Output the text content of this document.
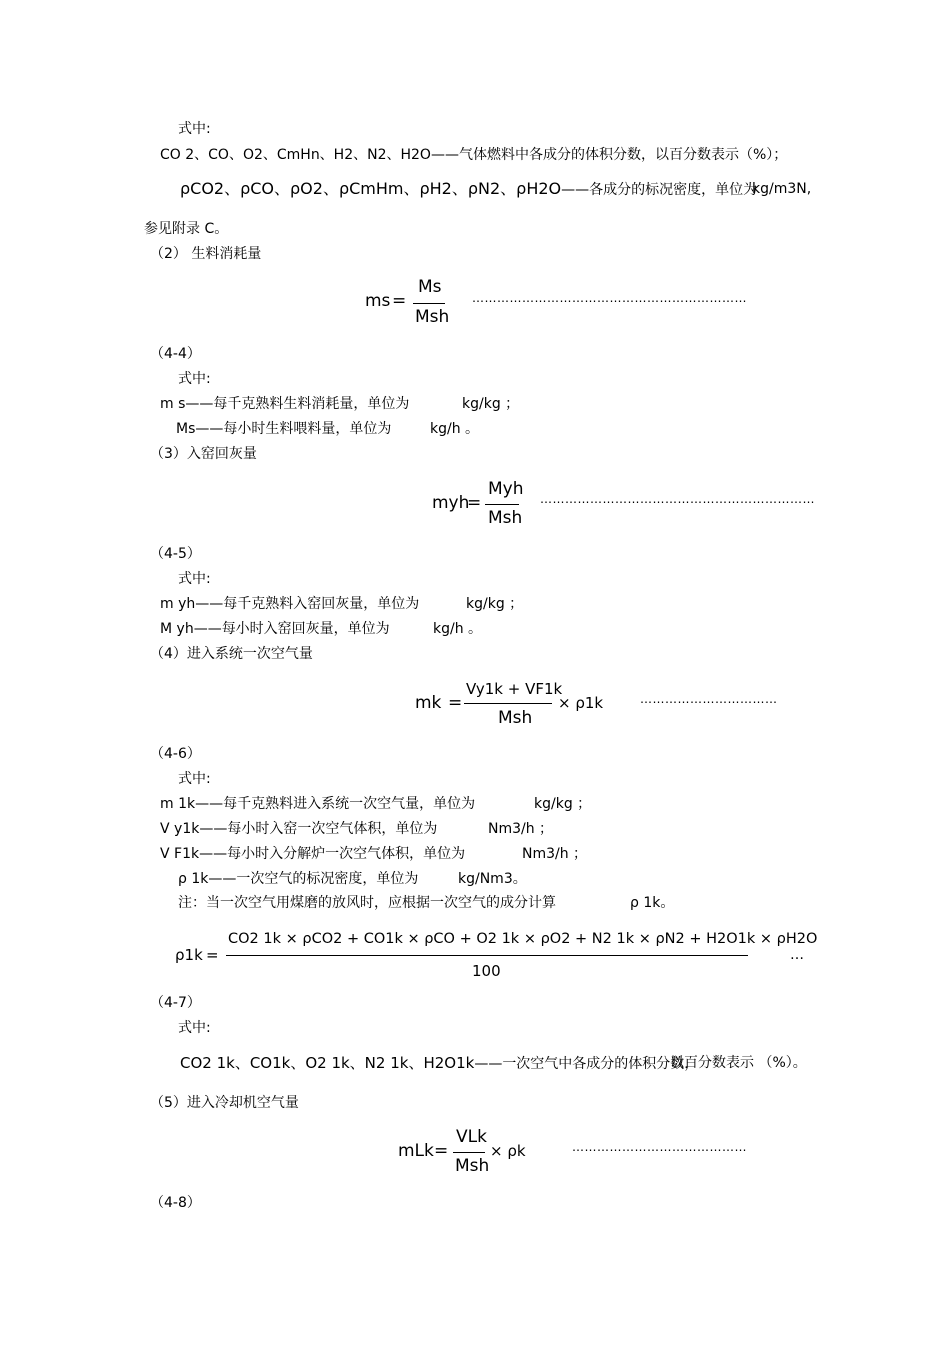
式中:
CO 2、CO、O2、CmHn、H2、N2、H2O——气体燃料中各成分的体积分数，以百分数表示（%）；
ρCO2、ρCO、ρO2、ρCmHm、ρH2、ρN2、ρH2O——各成分的标况密度，单位为
kg/m3N,
参见附录 C。
（2） 生料消耗量
ms =
Ms
Msh
…………………………………………………………
（4-4）
式中:
m s——每千克熟料生料消耗量，单位为	kg/kg ；
Ms——每小时生料喂料量，单位为	kg/h 。
（3）入窑回灰量
myh
=
Myh
Msh
…………………………………………………………
（4-5）
式中:
m yh——每千克熟料入窑回灰量，单位为	kg/kg ；
M yh——每小时入窑回灰量，单位为	kg/h 。
（4）进入系统一次空气量
mk =
Vy1k + VF1k
Msh
× ρ1k	……………………………
（4-6）
式中:
m 1k——每千克熟料进入系统一次空气量，单位为	kg/kg ；
V y1k——每小时入窑一次空气体积，单位为	Nm3/h ；
V F1k——每小时入分解炉一次空气体积，单位为	Nm3/h ；
ρ 1k——一次空气的标况密度，单位为	kg/Nm3。
注：当一次空气用煤磨的放风时，应根据一次空气的成分计算	ρ 1k。
ρ1k =
CO2 1k × ρCO2 + CO1k × ρCO + O2 1k × ρO2 + N2 1k × ρN2 + H2O1k × ρH2O
100
…
（4-7）
式中:
CO2 1k、CO1k、O2 1k、N2 1k、H2O1k——一次空气中各成分的体积分数，
以百分数表示 （%）。
（5）进入冷却机空气量
mLk =
VLk
Msh
× ρk	……………………………………
（4-8）
